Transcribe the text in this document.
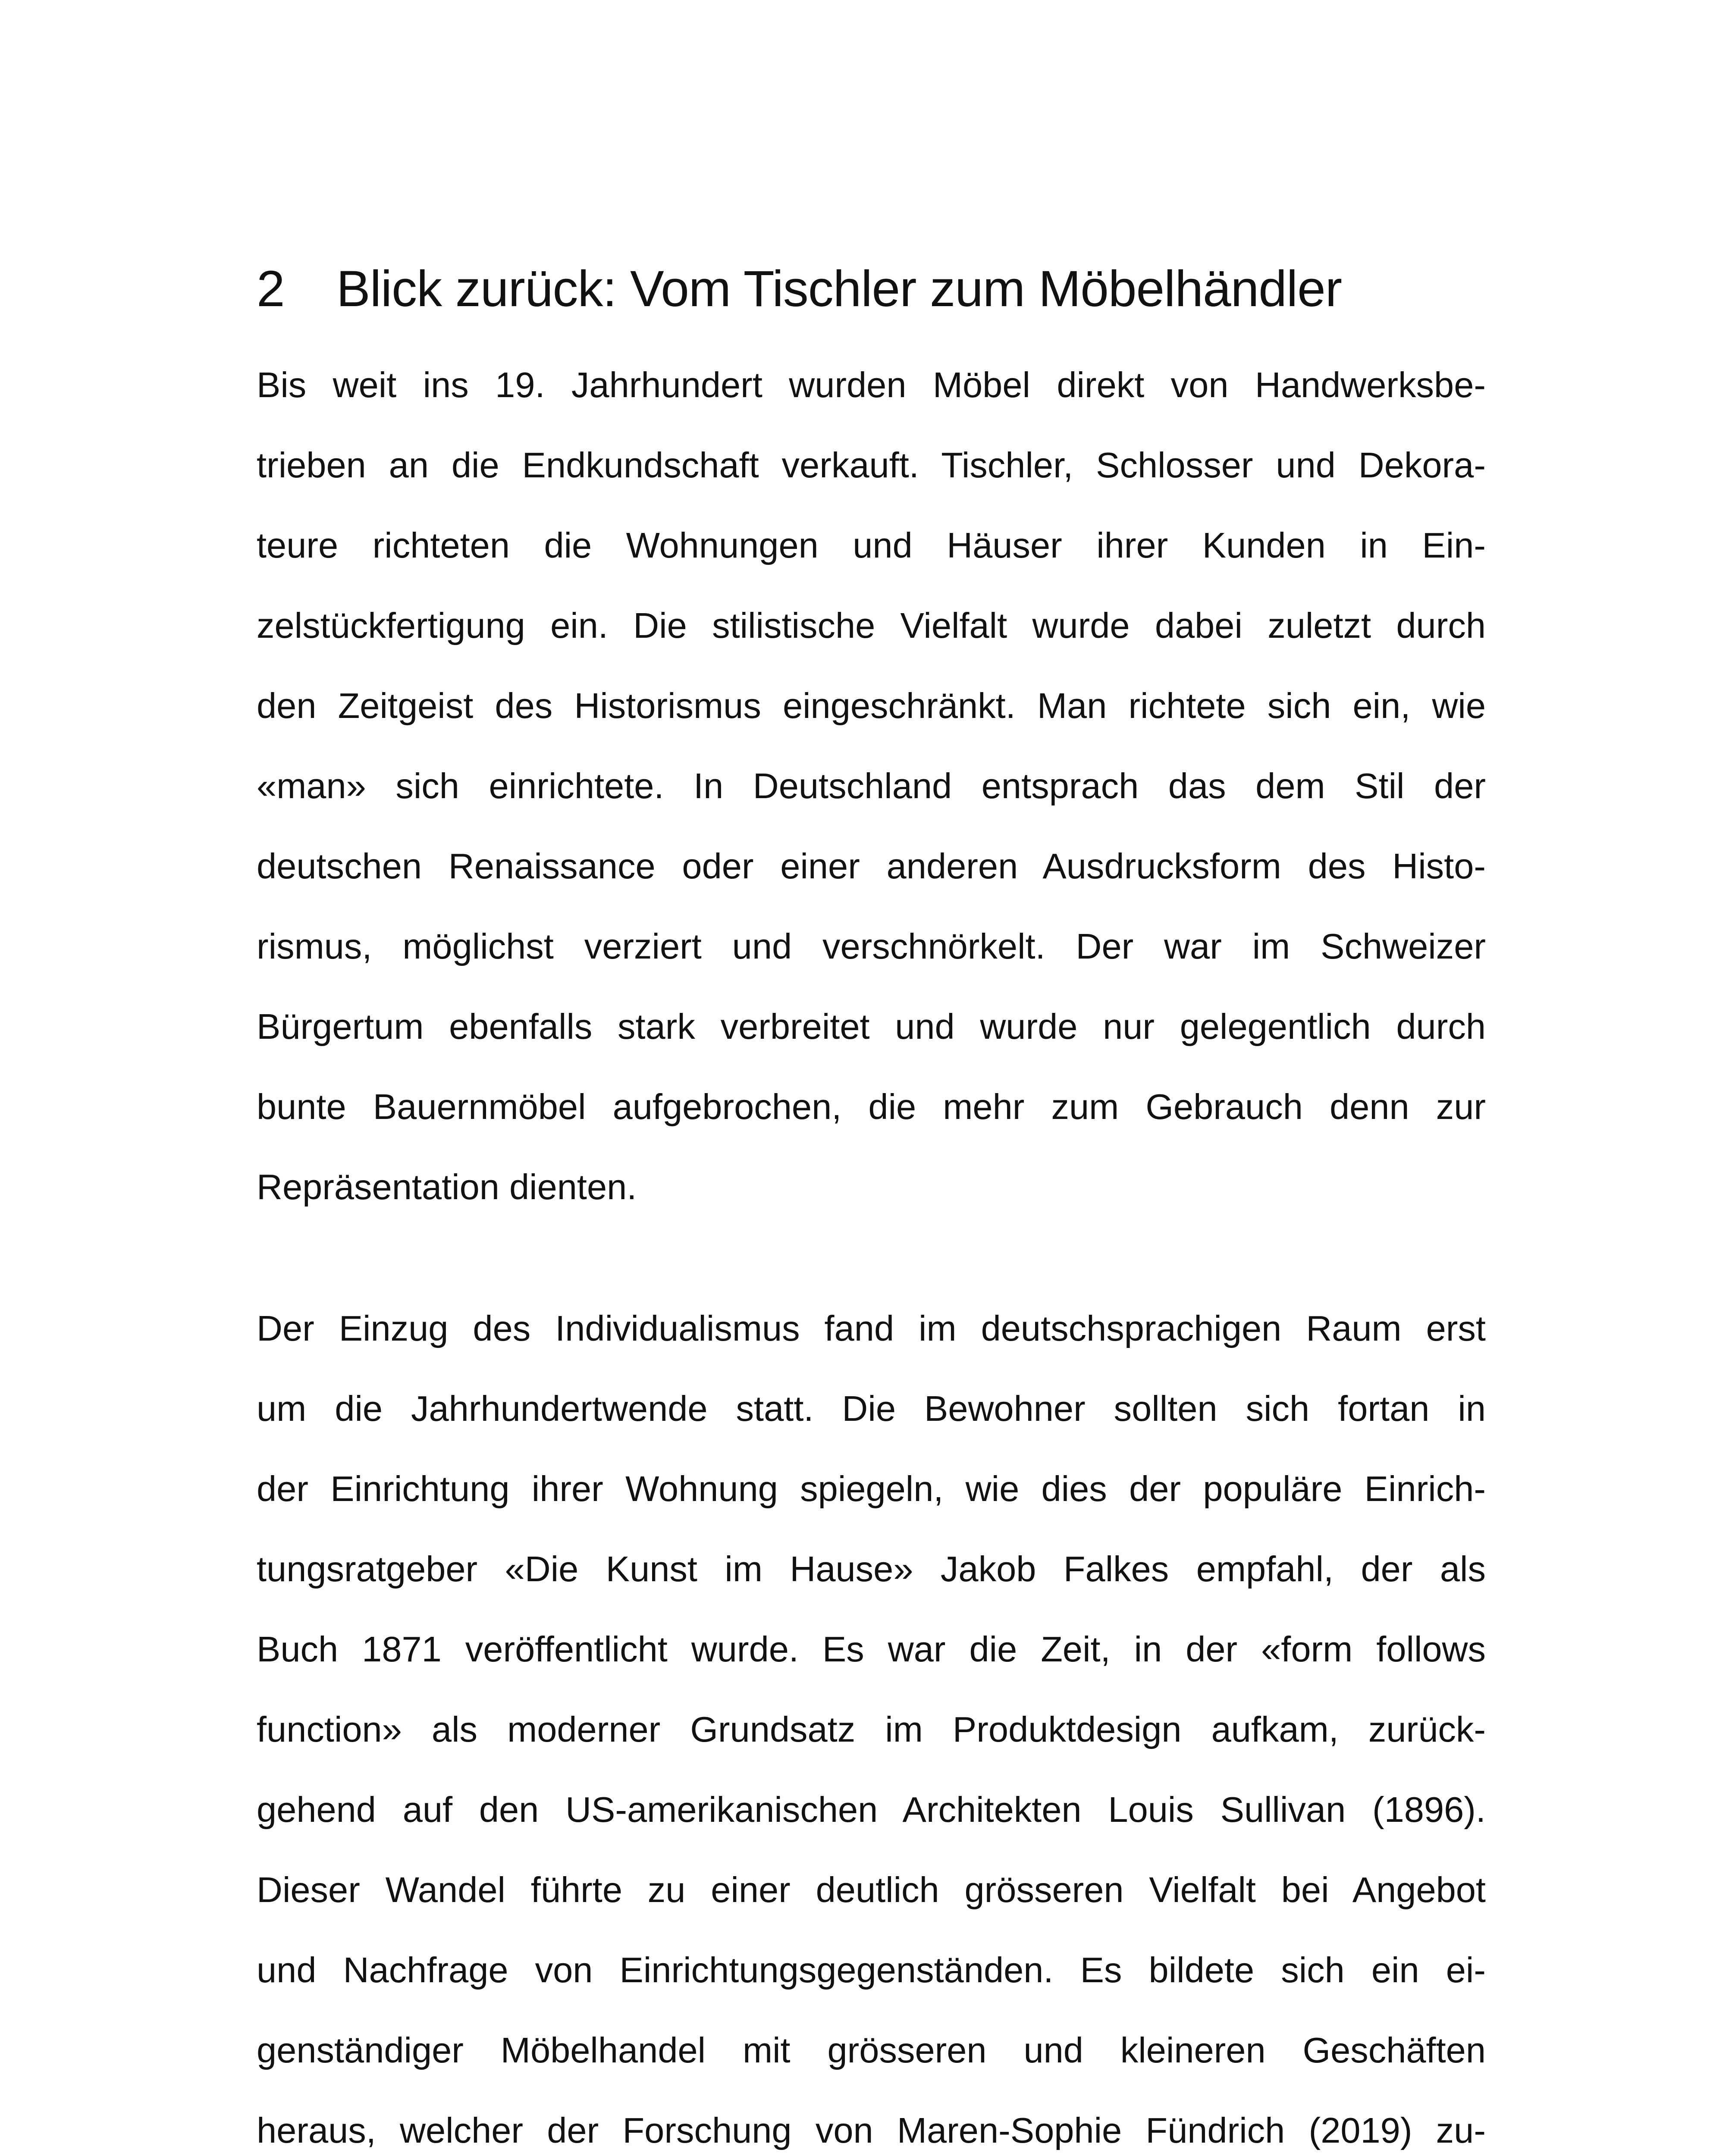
2 Blick zurück: Vom Tischler zum Möbelhändler
Bis weit ins 19. Jahrhundert wurden Möbel direkt von Handwerksbe-
trieben an die Endkundschaft verkauft. Tischler, Schlosser und Dekora-
teure richteten die Wohnungen und Häuser ihrer Kunden in Ein-
zelstückfertigung ein. Die stilistische Vielfalt wurde dabei zuletzt durch
den Zeitgeist des Historismus eingeschränkt. Man richtete sich ein, wie
«man» sich einrichtete. In Deutschland entsprach das dem Stil der
deutschen Renaissance oder einer anderen Ausdrucksform des Histo-
rismus, möglichst verziert und verschnörkelt. Der war im Schweizer
Bürgertum ebenfalls stark verbreitet und wurde nur gelegentlich durch
bunte Bauernmöbel aufgebrochen, die mehr zum Gebrauch denn zur
Repräsentation dienten.
Der Einzug des Individualismus fand im deutschsprachigen Raum erst
um die Jahrhundertwende statt. Die Bewohner sollten sich fortan in
der Einrichtung ihrer Wohnung spiegeln, wie dies der populäre Einrich-
tungsratgeber «Die Kunst im Hause» Jakob Falkes empfahl, der als
Buch 1871 veröffentlicht wurde. Es war die Zeit, in der «form follows
function» als moderner Grundsatz im Produktdesign aufkam, zurück-
gehend auf den US-amerikanischen Architekten Louis Sullivan (1896).
Dieser Wandel führte zu einer deutlich grösseren Vielfalt bei Angebot
und Nachfrage von Einrichtungsgegenständen. Es bildete sich ein ei-
genständiger Möbelhandel mit grösseren und kleineren Geschäften
heraus, welcher der Forschung von Maren-Sophie Fündrich (2019) zu-
